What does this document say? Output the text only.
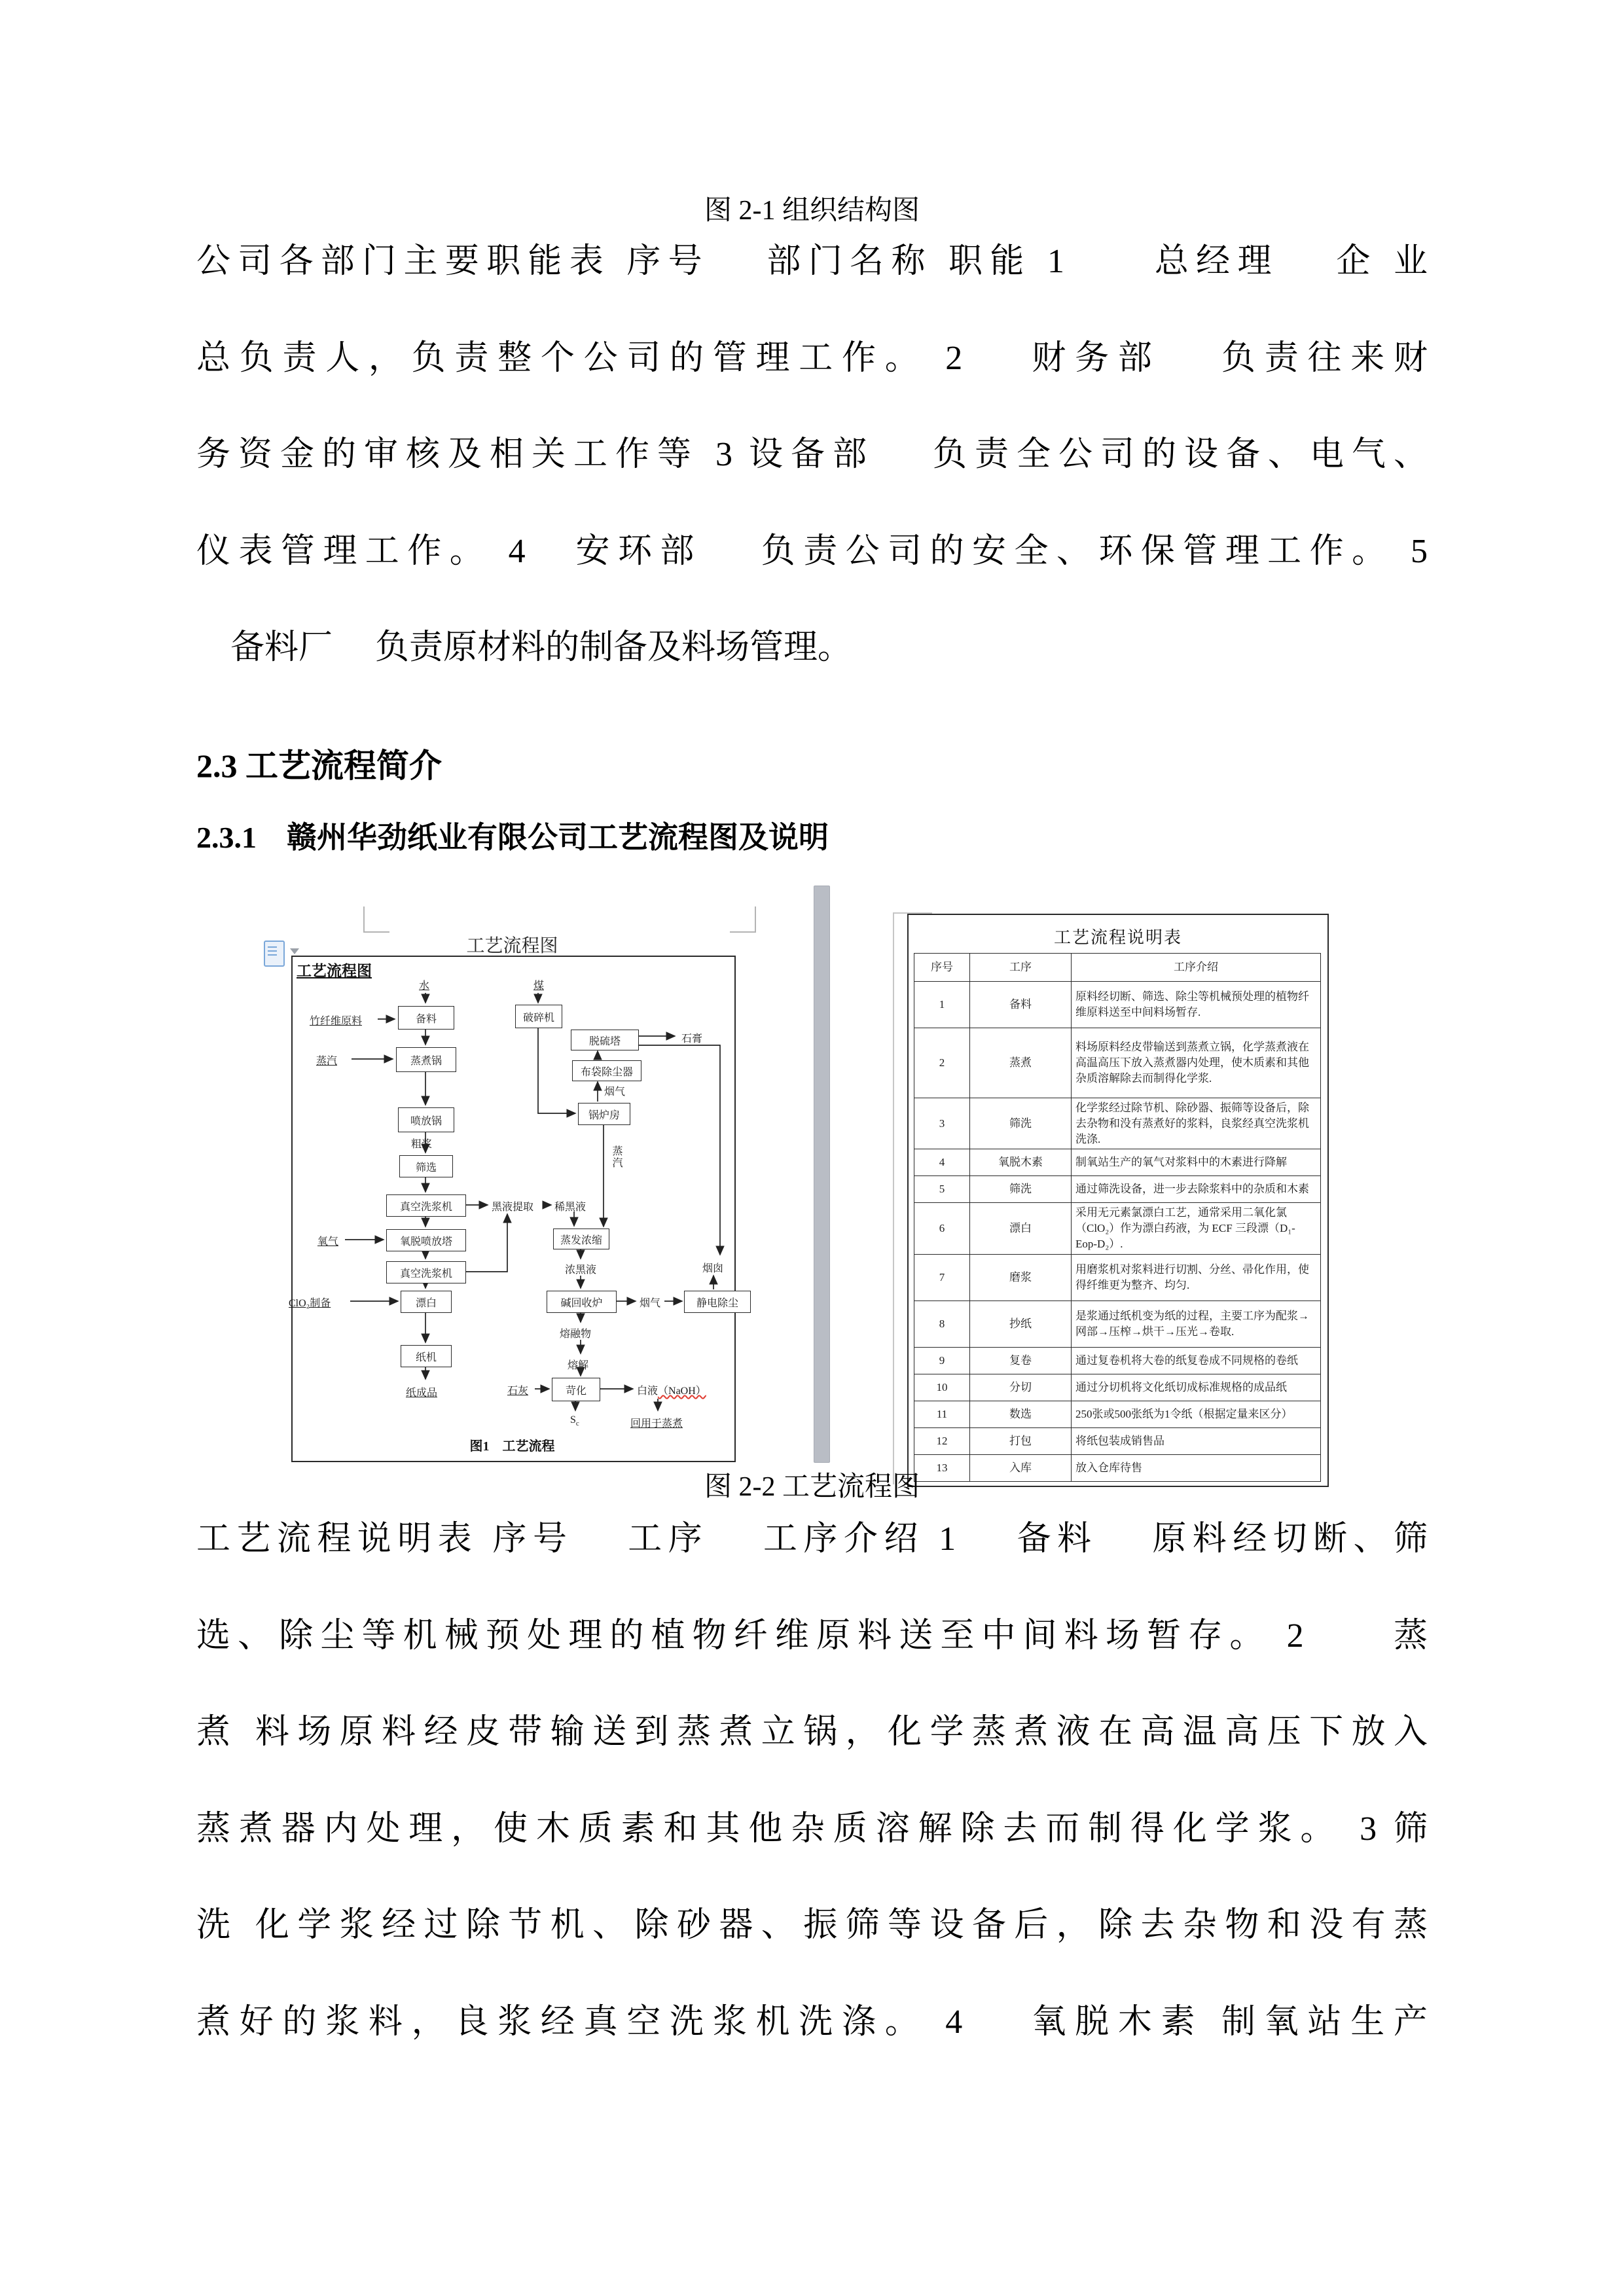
图 2-1 组织结构图
公司各部门主要职能表 序号　 部门名称 职能 1　　总经理　 企 业
总负责人，负责整个公司的管理工作。 2　 财务部　 负责往来财
务资金的审核及相关工作等 3 设备部　 负责全公司的设备、电气、
仪表管理工作。 4　安环部　 负责公司的安全、环保管理工作。 5
　备料厂　 负责原材料的制备及料场管理。
2.3 工艺流程简介
2.3.1　赣州华劲纸业有限公司工艺流程图及说明
工艺流程图
工艺流程图
备料
蒸煮锅
喷放锅
筛选
真空洗浆机
氧脱喷放塔
真空洗浆机
漂白
纸机
蒸发浓缩
碱回收炉	静电除尘
苛化
破碎机
脱硫塔
布袋除尘器
锅炉房
水
竹纤维原料
蒸汽
粗浆
黑液提取 稀黑液
氧气
ClO₂制备
纸成品
煤
石膏
烟气
蒸汽
浓黑液
烟气
烟囱
熔融物
熔解
石灰	白液（NaOH）
回用于蒸煮
$S_c$
图1　工艺流程
工艺流程说明表
序号	工序	工序介绍
1	备料	原料经切断、筛选、除尘等机械预处理的植物纤维原料送至中间料场暂存.
2	蒸煮	料场原料经皮带输送到蒸煮立锅，化学蒸煮液在高温高压下放入蒸煮器内处理，使木质素和其他杂质溶解除去而制得化学浆.
3	筛洗	化学浆经过除节机、除砂器、振筛等设备后，除去杂物和没有蒸煮好的浆料，良浆经真空洗浆机洗涤.
4	氧脱木素	制氧站生产的氧气对浆料中的木素进行降解
5	筛洗	通过筛洗设备，进一步去除浆料中的杂质和木素
6	漂白	采用无元素氯漂白工艺，通常采用二氧化氯（ClO₂）作为漂白药液，为 ECF 三段漂（D₁-Eop-D₂）.
7	磨浆	用磨浆机对浆料进行切割、分丝、帚化作用，使得纤维更为整齐、均匀.
8	抄纸	是浆通过纸机变为纸的过程，主要工序为配浆→网部→压榨→烘干→压光→卷取.
9	复卷	通过复卷机将大卷的纸复卷成不同规格的卷纸
10	分切	通过分切机将文化纸切成标准规格的成品纸
11	数选	250张或500张纸为1令纸（根据定量来区分）
12	打包	将纸包装成销售品
13	入库	放入仓库待售
图 2-2 工艺流程图
工艺流程说明表 序号　 工序　 工序介绍 1　 备料　 原料经切断、筛
选、除尘等机械预处理的植物纤维原料送至中间料场暂存。 2　　蒸
煮 料场原料经皮带输送到蒸煮立锅，化学蒸煮液在高温高压下放入
蒸煮器内处理，使木质素和其他杂质溶解除去而制得化学浆。 3 筛
洗 化学浆经过除节机、除砂器、振筛等设备后，除去杂物和没有蒸
煮好的浆料，良浆经真空洗浆机洗涤。 4　 氧脱木素 制氧站生产
